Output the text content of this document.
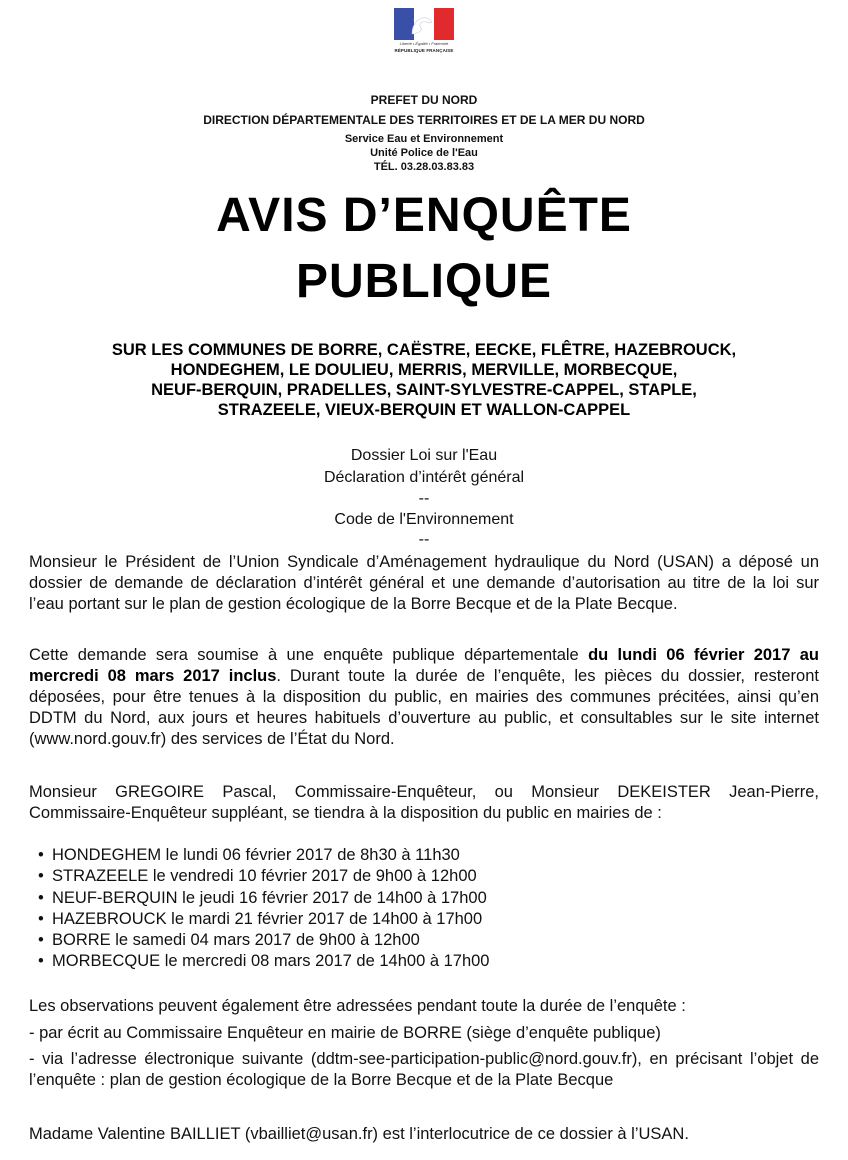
Liberté • Égalité • Fraternité
RÉPUBLIQUE FRANÇAISE
PREFET DU NORD
DIRECTION DÉPARTEMENTALE DES TERRITOIRES ET DE LA MER DU NORD
Service Eau et Environnement
Unité Police de l'Eau
TÉL. 03.28.03.83.83
AVIS D’ENQUÊTE
PUBLIQUE
SUR LES COMMUNES DE BORRE, CAËSTRE, EECKE, FLÊTRE, HAZEBROUCK,
HONDEGHEM, LE DOULIEU, MERRIS, MERVILLE, MORBECQUE,
NEUF-BERQUIN, PRADELLES, SAINT-SYLVESTRE-CAPPEL, STAPLE,
STRAZEELE, VIEUX-BERQUIN ET WALLON-CAPPEL
Dossier Loi sur l'Eau
Déclaration d’intérêt général
--
Code de l'Environnement
--
Monsieur le Président de l’Union Syndicale d’Aménagement hydraulique du Nord (USAN) a déposé un dossier de demande de déclaration d’intérêt général et une demande d’autorisation au titre de la loi sur l’eau portant sur le plan de gestion écologique de la Borre Becque et de la Plate Becque.
Cette demande sera soumise à une enquête publique départementale du lundi 06 février 2017 au mercredi 08 mars 2017 inclus. Durant toute la durée de l’enquête, les pièces du dossier, resteront déposées, pour être tenues à la disposition du public, en mairies des communes précitées, ainsi qu’en DDTM du Nord, aux jours et heures habituels d’ouverture au public, et consultables sur le site internet (www.nord.gouv.fr) des services de l’État du Nord.
Monsieur GREGOIRE Pascal, Commissaire-Enquêteur, ou Monsieur DEKEISTER Jean-Pierre, Commissaire-Enquêteur suppléant, se tiendra à la disposition du public en mairies de :
• HONDEGHEM le lundi 06 février 2017 de 8h30 à 11h30
• STRAZEELE le vendredi 10 février 2017 de 9h00 à 12h00
• NEUF-BERQUIN le jeudi 16 février 2017 de 14h00 à 17h00
• HAZEBROUCK le mardi 21 février 2017 de 14h00 à 17h00
• BORRE le samedi 04 mars 2017 de 9h00 à 12h00
• MORBECQUE le mercredi 08 mars 2017 de 14h00 à 17h00
Les observations peuvent également être adressées pendant toute la durée de l’enquête :
- par écrit au Commissaire Enquêteur en mairie de BORRE (siège d’enquête publique)
- via l’adresse électronique suivante (ddtm-see-participation-public@nord.gouv.fr), en précisant l’objet de l’enquête : plan de gestion écologique de la Borre Becque et de la Plate Becque
Madame Valentine BAILLIET (vbailliet@usan.fr) est l’interlocutrice de ce dossier à l’USAN.
